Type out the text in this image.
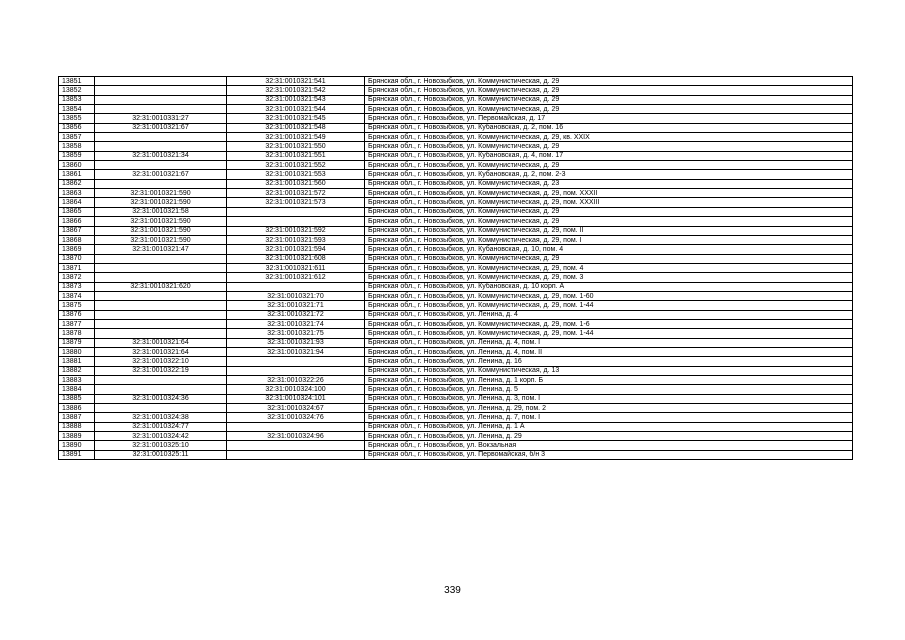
13851		32:31:0010321:541	Брянская обл., г. Новозыбков, ул. Коммунистическая, д. 29
13852		32:31:0010321:542	Брянская обл., г. Новозыбков, ул. Коммунистическая, д. 29
13853		32:31:0010321:543	Брянская обл., г. Новозыбков, ул. Коммунистическая, д. 29
13854		32:31:0010321:544	Брянская обл., г. Новозыбков, ул. Коммунистическая, д. 29
13855	32:31:0010331:27	32:31:0010321:545	Брянская обл., г. Новозыбков, ул. Первомайская, д. 17
13856	32:31:0010321:67	32:31:0010321:548	Брянская обл., г. Новозыбков, ул. Кубановская, д. 2, пом. 16
13857		32:31:0010321:549	Брянская обл., г. Новозыбков, ул. Коммунистическая, д. 29, кв. XXIX
13858		32:31:0010321:550	Брянская обл., г. Новозыбков, ул. Коммунистическая, д. 29
13859	32:31:0010321:34	32:31:0010321:551	Брянская обл., г. Новозыбков, ул. Кубановская, д. 4, пом. 17
13860		32:31:0010321:552	Брянская обл., г. Новозыбков, ул. Коммунистическая, д. 29
13861	32:31:0010321:67	32:31:0010321:553	Брянская обл., г. Новозыбков, ул. Кубановская, д. 2, пом. 2-3
13862		32:31:0010321:560	Брянская обл., г. Новозыбков, ул. Коммунистическая, д. 23
13863	32:31:0010321:590	32:31:0010321:572	Брянская обл., г. Новозыбков, ул. Коммунистическая, д. 29, пом. XXXII
13864	32:31:0010321:590	32:31:0010321:573	Брянская обл., г. Новозыбков, ул. Коммунистическая, д. 29, пом. XXXIII
13865	32:31:0010321:58		Брянская обл., г. Новозыбков, ул. Коммунистическая, д. 29
13866	32:31:0010321:590		Брянская обл., г. Новозыбков, ул. Коммунистическая, д. 29
13867	32:31:0010321:590	32:31:0010321:592	Брянская обл., г. Новозыбков, ул. Коммунистическая, д. 29, пом. II
13868	32:31:0010321:590	32:31:0010321:593	Брянская обл., г. Новозыбков, ул. Коммунистическая, д. 29, пом. I
13869	32:31:0010321:47	32:31:0010321:594	Брянская обл., г. Новозыбков, ул. Кубановская, д. 10, пом. 4
13870		32:31:0010321:608	Брянская обл., г. Новозыбков, ул. Коммунистическая, д. 29
13871		32:31:0010321:611	Брянская обл., г. Новозыбков, ул. Коммунистическая, д. 29, пом. 4
13872		32:31:0010321:612	Брянская обл., г. Новозыбков, ул. Коммунистическая, д. 29, пом. 3
13873	32:31:0010321:620		Брянская обл., г. Новозыбков, ул. Кубановская, д. 10 корп. А
13874		32:31:0010321:70	Брянская обл., г. Новозыбков, ул. Коммунистическая, д. 29, пом. 1-60
13875		32:31:0010321:71	Брянская обл., г. Новозыбков, ул. Коммунистическая, д. 29, пом. 1-44
13876		32:31:0010321:72	Брянская обл., г. Новозыбков, ул. Ленина, д. 4
13877		32:31:0010321:74	Брянская обл., г. Новозыбков, ул. Коммунистическая, д. 29, пом. 1-6
13878		32:31:0010321:75	Брянская обл., г. Новозыбков, ул. Коммунистическая, д. 29, пом. 1-44
13879	32:31:0010321:64	32:31:0010321:93	Брянская обл., г. Новозыбков, ул. Ленина, д. 4, пом. I
13880	32:31:0010321:64	32:31:0010321:94	Брянская обл., г. Новозыбков, ул. Ленина, д. 4, пом. II
13881	32:31:0010322:10		Брянская обл., г. Новозыбков, ул. Ленина, д. 16
13882	32:31:0010322:19		Брянская обл., г. Новозыбков, ул. Коммунистическая, д. 13
13883		32:31:0010322:26	Брянская обл., г. Новозыбков, ул. Ленина, д. 1 корп. Б
13884		32:31:0010324:100	Брянская обл., г. Новозыбков, ул. Ленина, д. 5
13885	32:31:0010324:36	32:31:0010324:101	Брянская обл., г. Новозыбков, ул. Ленина, д. 3, пом. I
13886		32:31:0010324:67	Брянская обл., г. Новозыбков, ул. Ленина, д. 29, пом. 2
13887	32:31:0010324:38	32:31:0010324:76	Брянская обл., г. Новозыбков, ул. Ленина, д. 7, пом. I
13888	32:31:0010324:77		Брянская обл., г. Новозыбков, ул. Ленина, д. 1 А
13889	32:31:0010324:42	32:31:0010324:96	Брянская обл., г. Новозыбков, ул. Ленина, д. 29
13890	32:31:0010325:10		Брянская обл., г. Новозыбков, ул. Вокзальная
13891	32:31:0010325:11		Брянская обл., г. Новозыбков, ул. Первомайская, б/н 3
339
